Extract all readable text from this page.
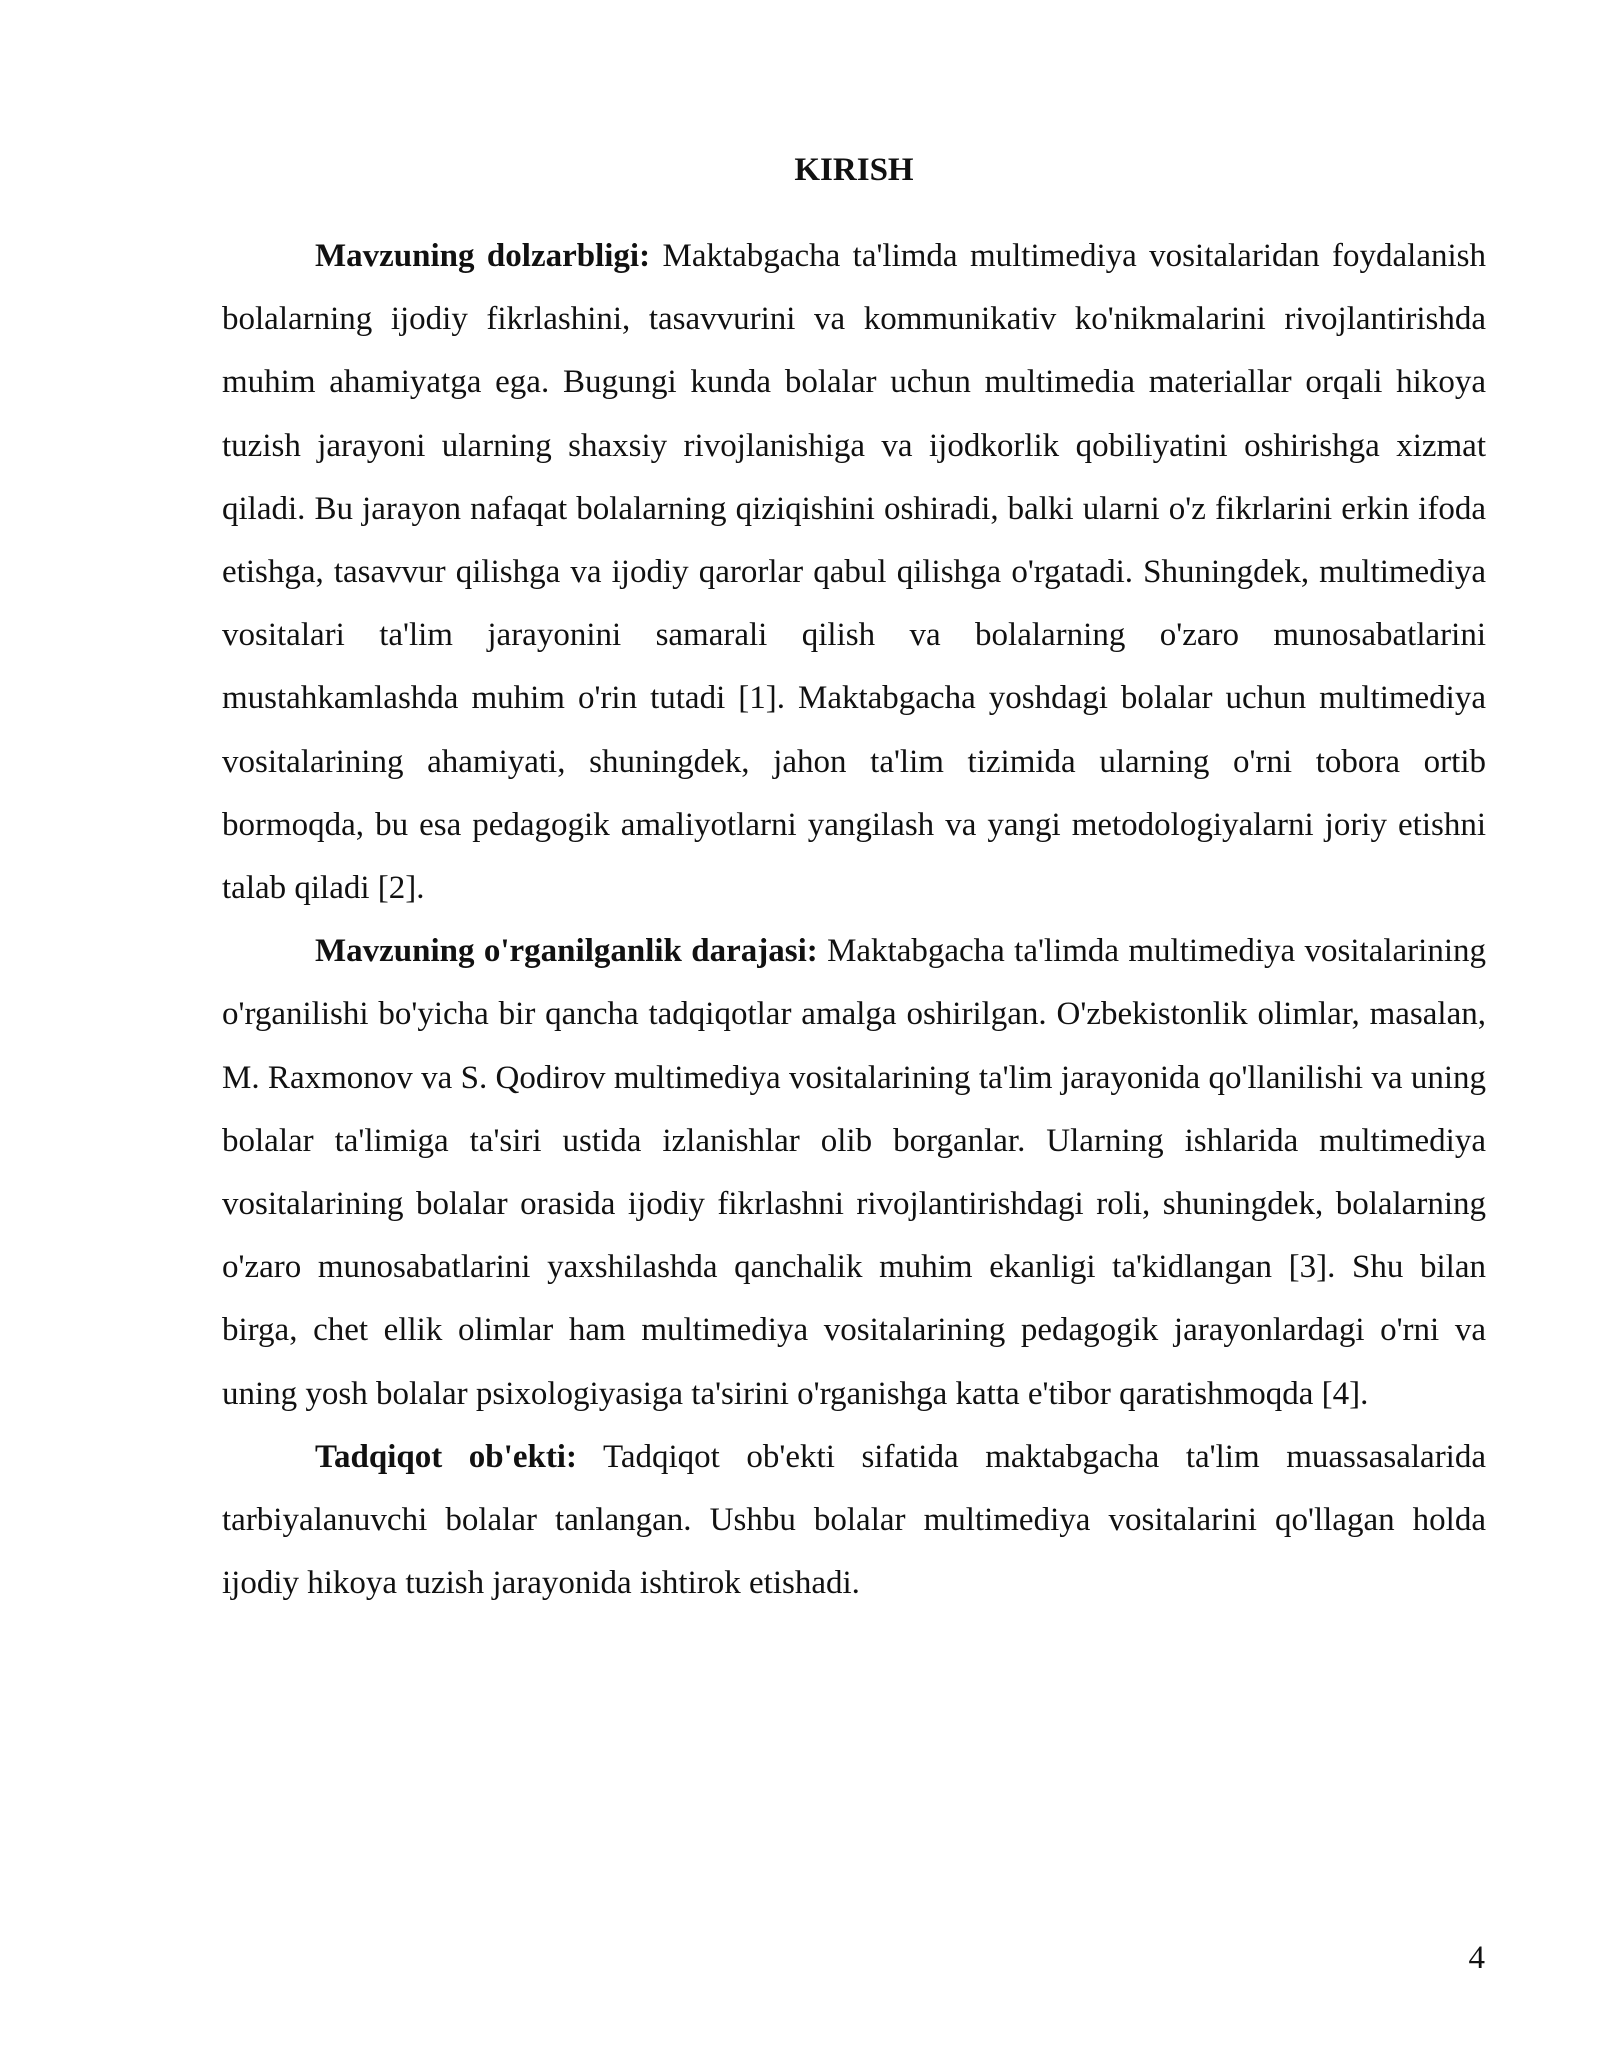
KIRISH

Mavzuning dolzarbligi: Maktabgacha ta'limda multimediya vositalaridan foydalanish bolalarning ijodiy fikrlashini, tasavvurini va kommunikativ ko'nikmalarini rivojlantirishda muhim ahamiyatga ega. Bugungi kunda bolalar uchun multimedia materiallar orqali hikoya tuzish jarayoni ularning shaxsiy rivojlanishiga va ijodkorlik qobiliyatini oshirishga xizmat qiladi. Bu jarayon nafaqat bolalarning qiziqishini oshiradi, balki ularni o'z fikrlarini erkin ifoda etishga, tasavvur qilishga va ijodiy qarorlar qabul qilishga o'rgatadi. Shuningdek, multimediya vositalari ta'lim jarayonini samarali qilish va bolalarning o'zaro munosabatlarini mustahkamlashda muhim o'rin tutadi [1]. Maktabgacha yoshdagi bolalar uchun multimediya vositalarining ahamiyati, shuningdek, jahon ta'lim tizimida ularning o'rni tobora ortib bormoqda, bu esa pedagogik amaliyotlarni yangilash va yangi metodologiyalarni joriy etishni talab qiladi [2].

Mavzuning o'rganilganlik darajasi: Maktabgacha ta'limda multimediya vositalarining o'rganilishi bo'yicha bir qancha tadqiqotlar amalga oshirilgan. O'zbekistonlik olimlar, masalan, M. Raxmonov va S. Qodirov multimediya vositalarining ta'lim jarayonida qo'llanilishi va uning bolalar ta'limiga ta'siri ustida izlanishlar olib borganlar. Ularning ishlarida multimediya vositalarining bolalar orasida ijodiy fikrlashni rivojlantirishdagi roli, shuningdek, bolalarning o'zaro munosabatlarini yaxshilashda qanchalik muhim ekanligi ta'kidlangan [3]. Shu bilan birga, chet ellik olimlar ham multimediya vositalarining pedagogik jarayonlardagi o'rni va uning yosh bolalar psixologiyasiga ta'sirini o'rganishga katta e'tibor qaratishmoqda [4].

Tadqiqot ob'ekti: Tadqiqot ob'ekti sifatida maktabgacha ta'lim muassasalarida tarbiyalanuvchi bolalar tanlangan. Ushbu bolalar multimediya vositalarini qo'llagan holda ijodiy hikoya tuzish jarayonida ishtirok etishadi.

4
